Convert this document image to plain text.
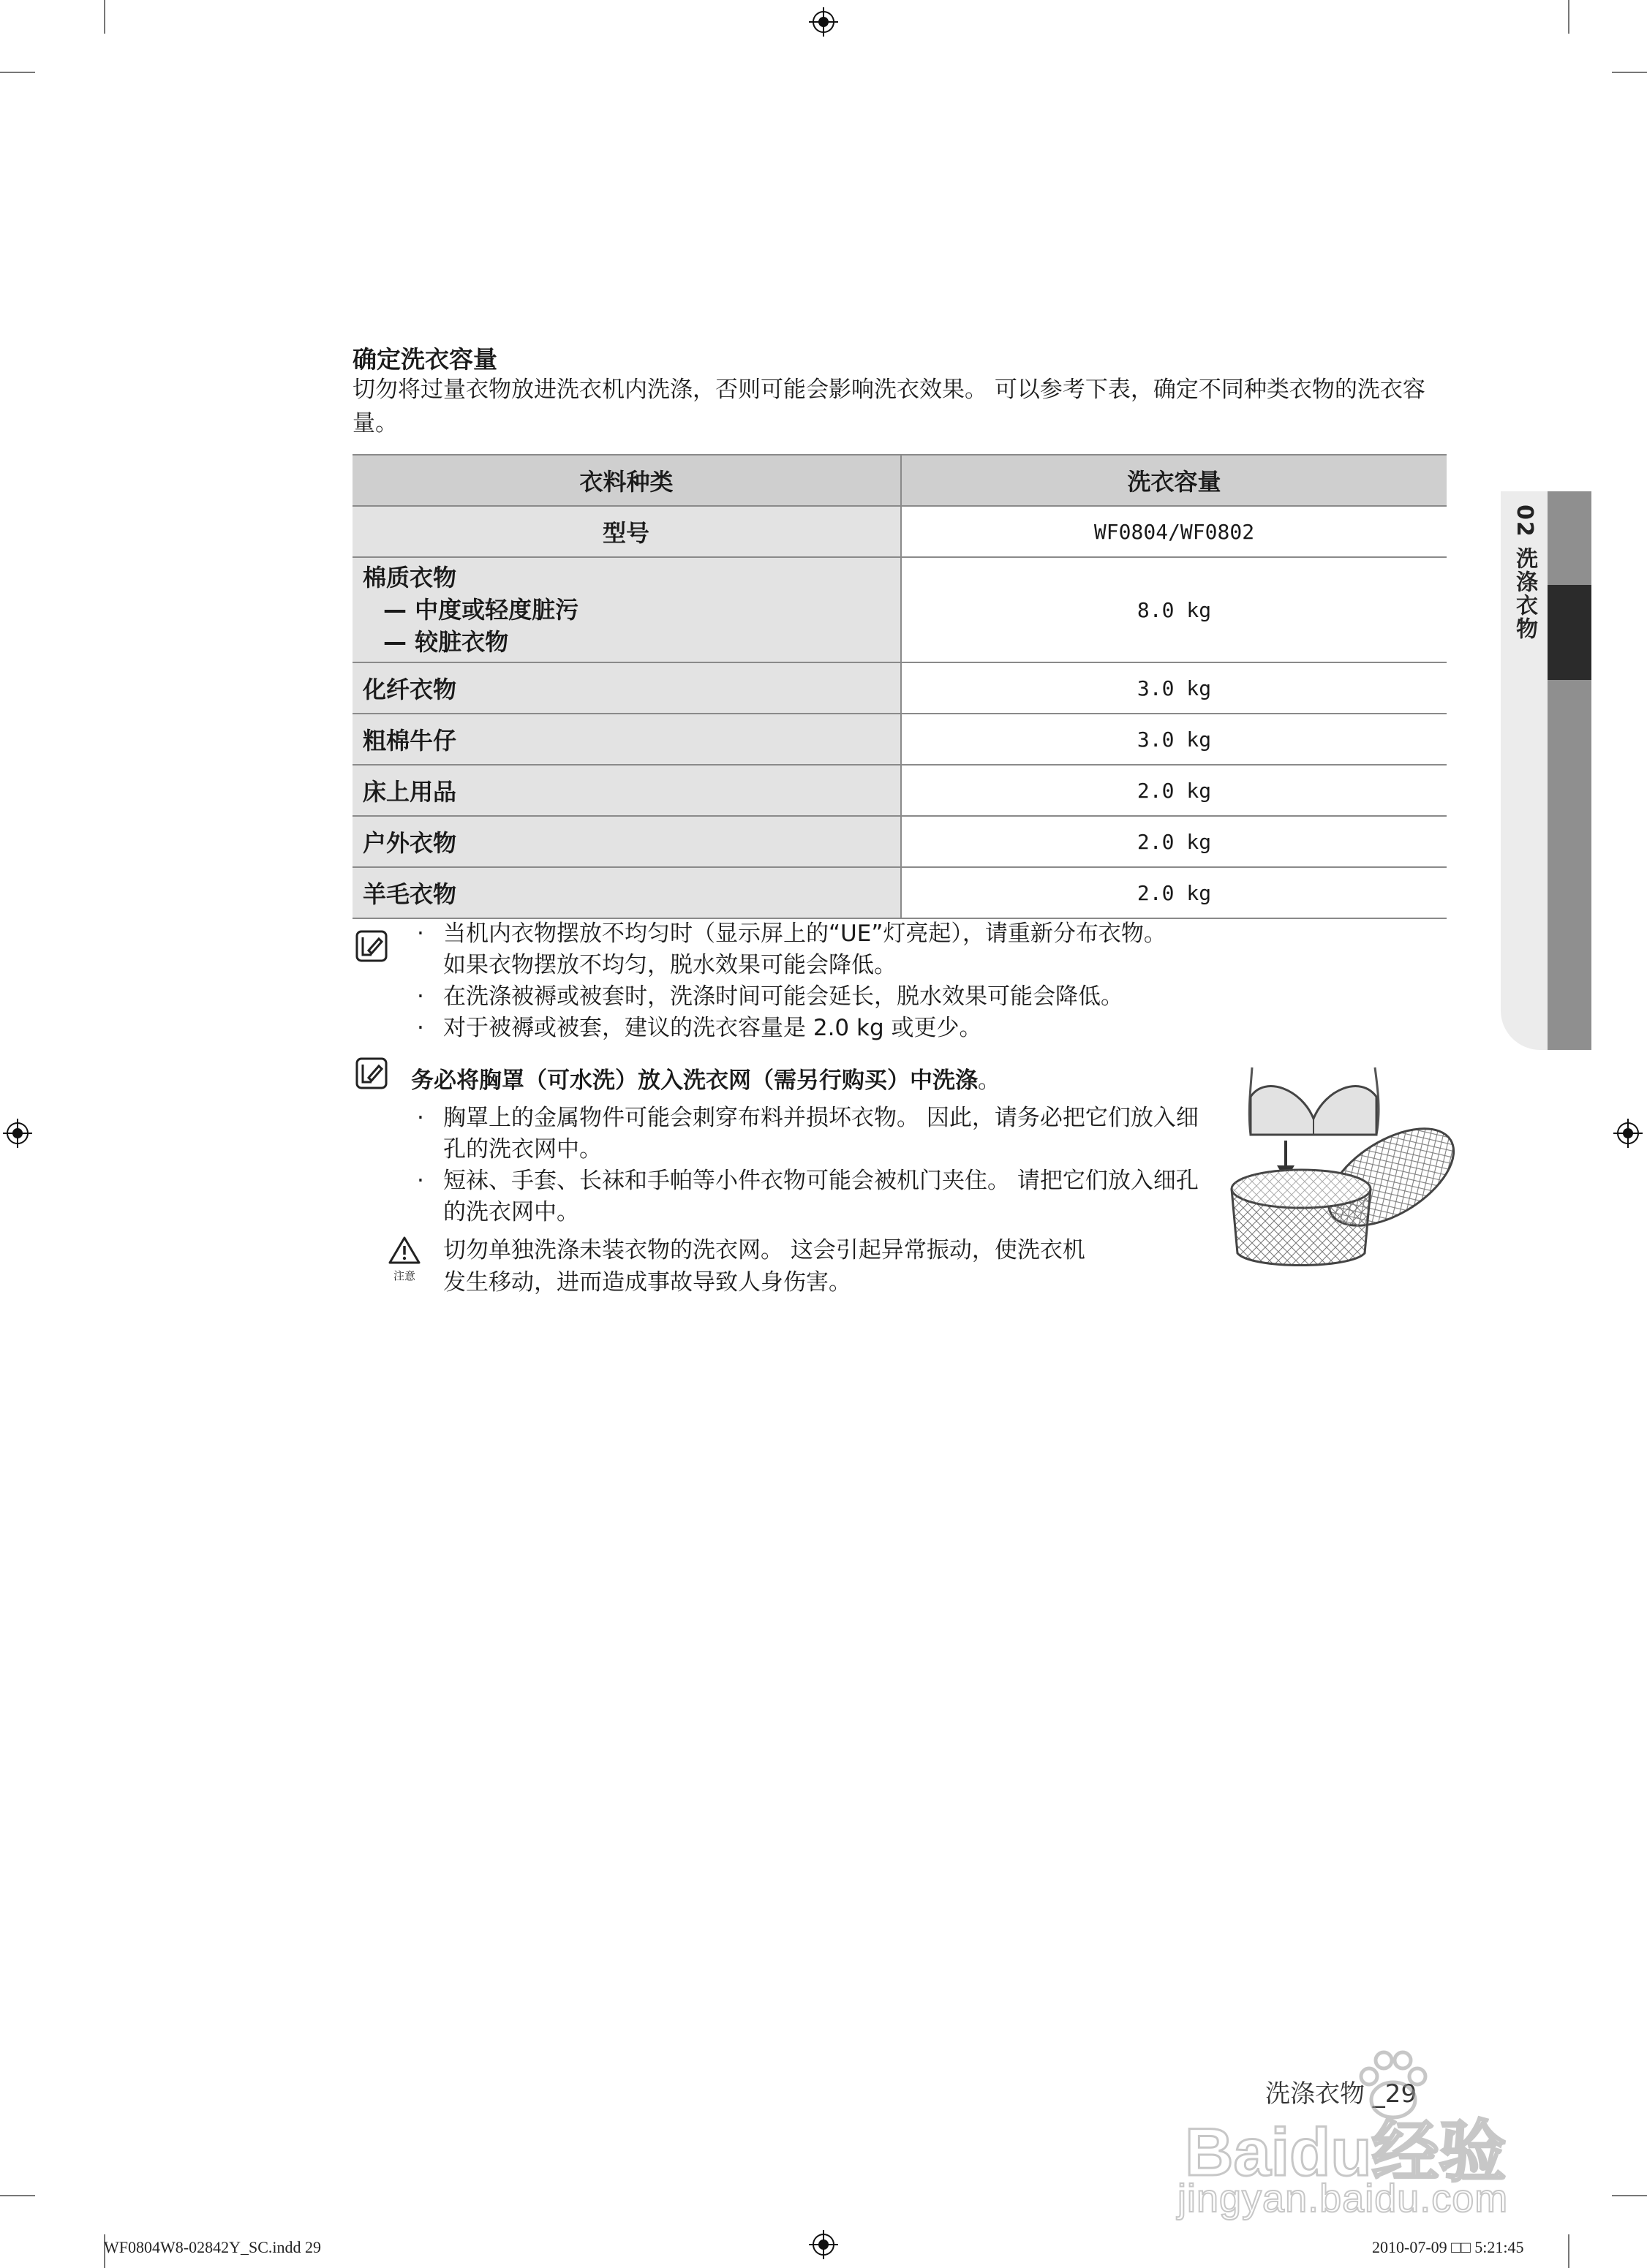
02 洗涤衣物
确定洗衣容量
切勿将过量衣物放进洗衣机内洗涤，否则可能会影响洗衣效果。 可以参考下表，确定不同种类衣物的洗衣容量。
衣料种类	洗衣容量
型号	WF0804/WF0802

棉质衣物
— 中度或轻度脏污
— 较脏衣物	8.0 kg
化纤衣物	3.0 kg
粗棉牛仔	3.0 kg
床上用品	2.0 kg
户外衣物	2.0 kg
羊毛衣物	2.0 kg
· 当机内衣物摆放不均匀时（显示屏上的“UE”灯亮起），请重新分布衣物。
如果衣物摆放不均匀，脱水效果可能会降低。
· 在洗涤被褥或被套时，洗涤时间可能会延长，脱水效果可能会降低。
· 对于被褥或被套，建议的洗衣容量是 2.0 kg 或更少。
务必将胸罩（可水洗）放入洗衣网（需另行购买）中洗涤。
· 胸罩上的金属物件可能会刺穿布料并损坏衣物。 因此，请务必把它们放入细孔的洗衣网中。
· 短袜、手套、长袜和手帕等小件衣物可能会被机门夹住。 请把它们放入细孔的洗衣网中。
注意
切勿单独洗涤未装衣物的洗衣网。 这会引起异常振动，使洗衣机
发生移动，进而造成事故导致人身伤害。
洗涤衣物 _29
WF0804W8-02842Y_SC.indd 29	2010-07-09 □□ 5:21:45
Baidu经验
jingyan.baidu.com
